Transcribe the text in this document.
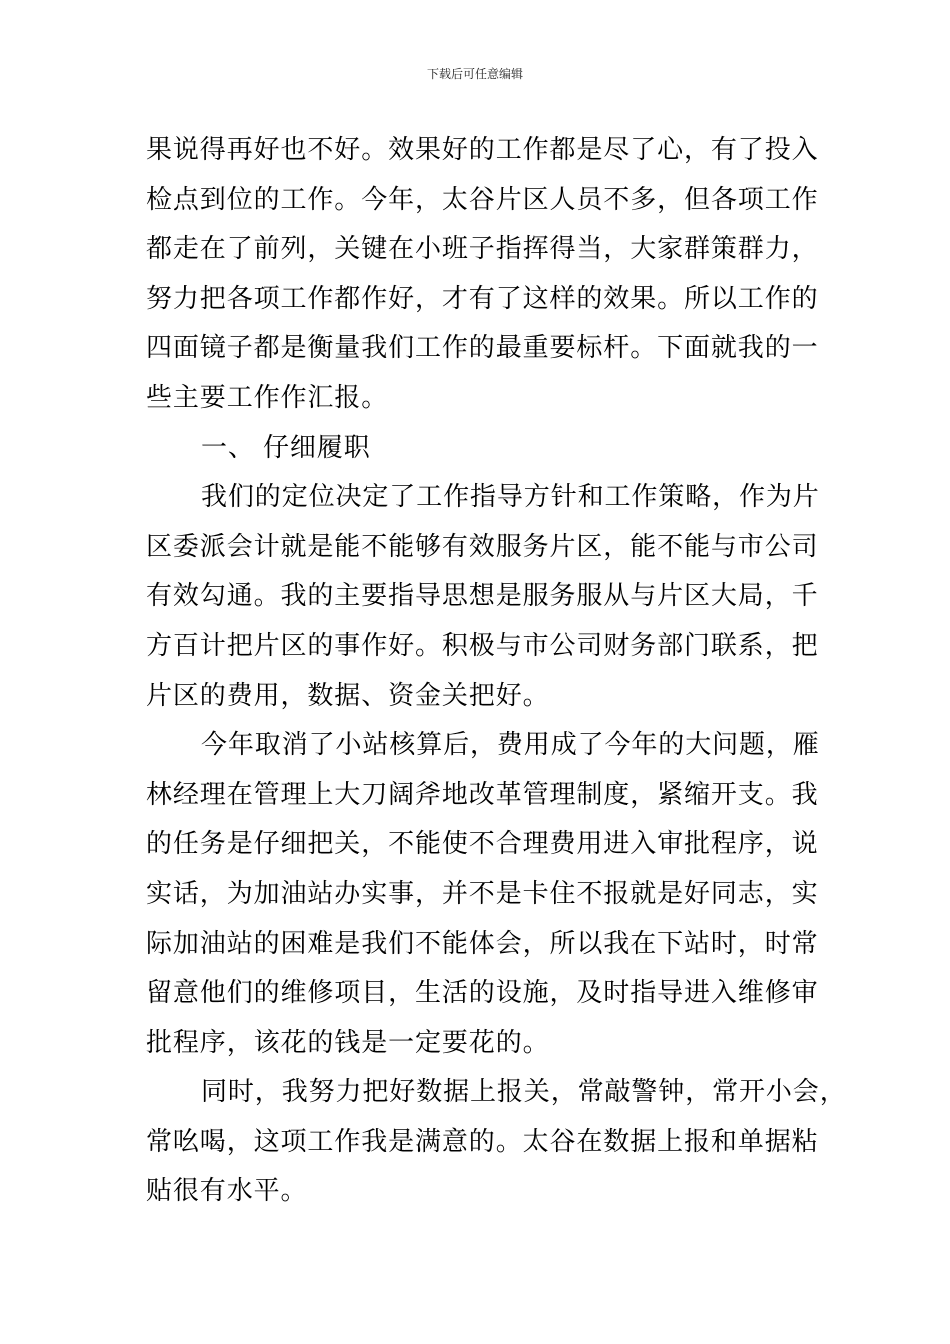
下载后可任意编辑
果说得再好也不好。效果好的工作都是尽了心，有了投入
检点到位的工作。今年，太谷片区人员不多，但各项工作
都走在了前列，关键在小班子指挥得当，大家群策群力，
努力把各项工作都作好，才有了这样的效果。所以工作的
四面镜子都是衡量我们工作的最重要标杆。下面就我的一
些主要工作作汇报。
一、 仔细履职
我们的定位决定了工作指导方针和工作策略，作为片
区委派会计就是能不能够有效服务片区，能不能与市公司
有效勾通。我的主要指导思想是服务服从与片区大局，千
方百计把片区的事作好。积极与市公司财务部门联系，把
片区的费用，数据、资金关把好。
今年取消了小站核算后，费用成了今年的大问题，雁
林经理在管理上大刀阔斧地改革管理制度，紧缩开支。我
的任务是仔细把关，不能使不合理费用进入审批程序，说
实话，为加油站办实事，并不是卡住不报就是好同志，实
际加油站的困难是我们不能体会，所以我在下站时，时常
留意他们的维修项目，生活的设施，及时指导进入维修审
批程序，该花的钱是一定要花的。
同时，我努力把好数据上报关，常敲警钟，常开小会，
常吆喝，这项工作我是满意的。太谷在数据上报和单据粘
贴很有水平。
